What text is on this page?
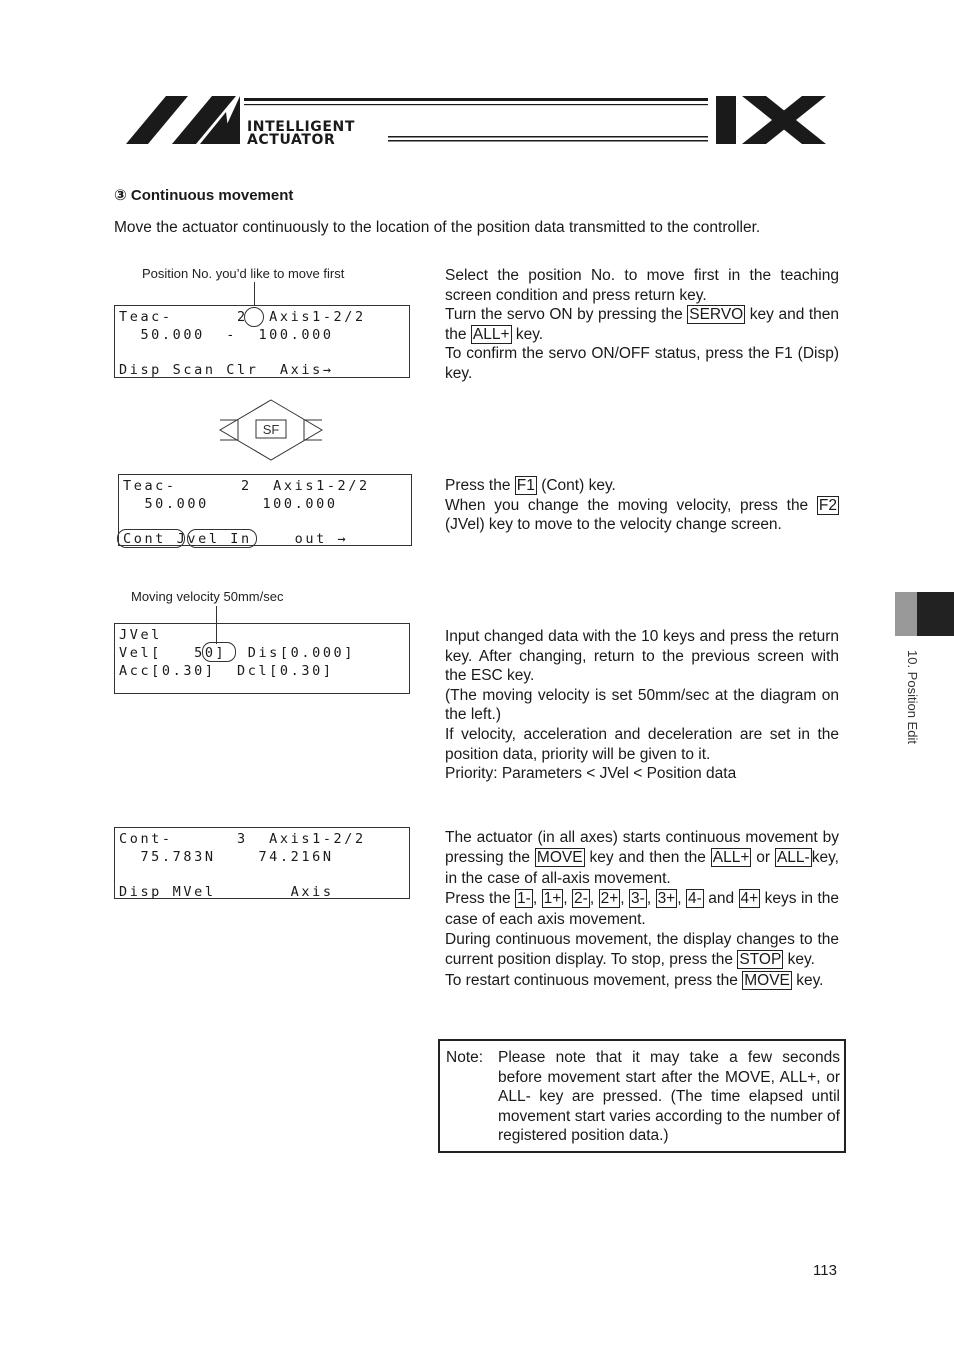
INTELLIGENT
ACTUATOR
③ Continuous movement
Move the actuator continuously to the location of the position data transmitted to the controller.
Position No. you’d like to move first
Teac-      2  Axis1-2/2
50.000  -  100.000
Disp Scan Clr  Axis→
SF
Teac-      2  Axis1-2/2
50.000     100.000
Cont Jvel In    out →
Moving velocity 50mm/sec
JVel
Vel[   50]  Dis[0.000]
Acc[0.30]  Dcl[0.30]
Cont-      3  Axis1-2/2
75.783N    74.216N
Disp MVel       Axis

Select the position No. to move first in the teaching screen condition and press return key.

Turn the servo ON by pressing the SERVO key and then the ALL+ key.

To confirm the servo ON/OFF status, press the F1 (Disp) key.

Press the F1 (Cont) key.

When you change the moving velocity, press the F2 (JVel) key to move to the velocity change screen.

Input changed data with the 10 keys and press the return key. After changing, return to the previous screen with the ESC key.

(The moving velocity is set 50mm/sec at the diagram on the left.)

If velocity, acceleration and deceleration are set in the position data, priority will be given to it.

Priority: Parameters < JVel < Position data

The actuator (in all axes) starts continuous movement by pressing the MOVE key and then the ALL+ or ALL- key, in the case of all-axis movement.

Press the 1- , 1+ , 2- , 2+ , 3- , 3+ , 4- and 4+ keys in the case of each axis movement.

During continuous movement, the display changes to the current position display. To stop, press the STOP key.

To restart continuous movement, press the MOVE key.

Note: Please note that it may take a few seconds before movement start after the MOVE, ALL+, or ALL- key are pressed. (The time elapsed until movement start varies according to the number of registered position data.)
10. Position Edit
113
